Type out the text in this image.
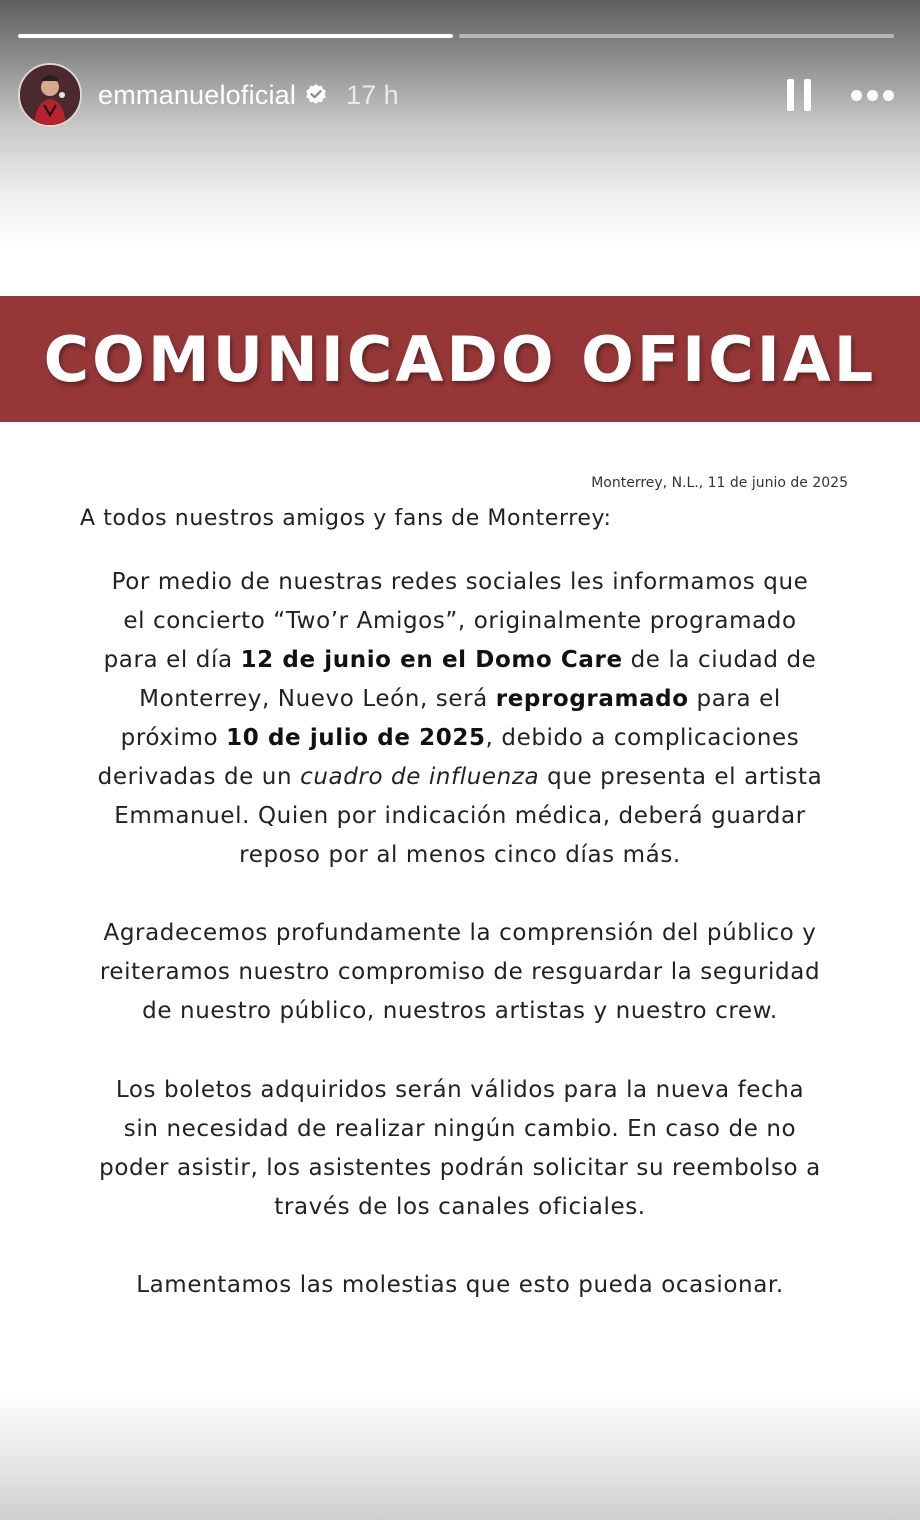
emmanueloficial 17 h
COMUNICADO OFICIAL
Monterrey, N.L., 11 de junio de 2025
A todos nuestros amigos y fans de Monterrey:
Por medio de nuestras redes sociales les informamos que
el concierto “Two’r Amigos”, originalmente programado
para el día 12 de junio en el Domo Care de la ciudad de
Monterrey, Nuevo León, será reprogramado para el
próximo 10 de julio de 2025, debido a complicaciones
derivadas de un cuadro de influenza que presenta el artista
Emmanuel. Quien por indicación médica, deberá guardar
reposo por al menos cinco días más.
Agradecemos profundamente la comprensión del público y
reiteramos nuestro compromiso de resguardar la seguridad
de nuestro público, nuestros artistas y nuestro crew.
Los boletos adquiridos serán válidos para la nueva fecha
sin necesidad de realizar ningún cambio. En caso de no
poder asistir, los asistentes podrán solicitar su reembolso a
través de los canales oficiales.
Lamentamos las molestias que esto pueda ocasionar.
